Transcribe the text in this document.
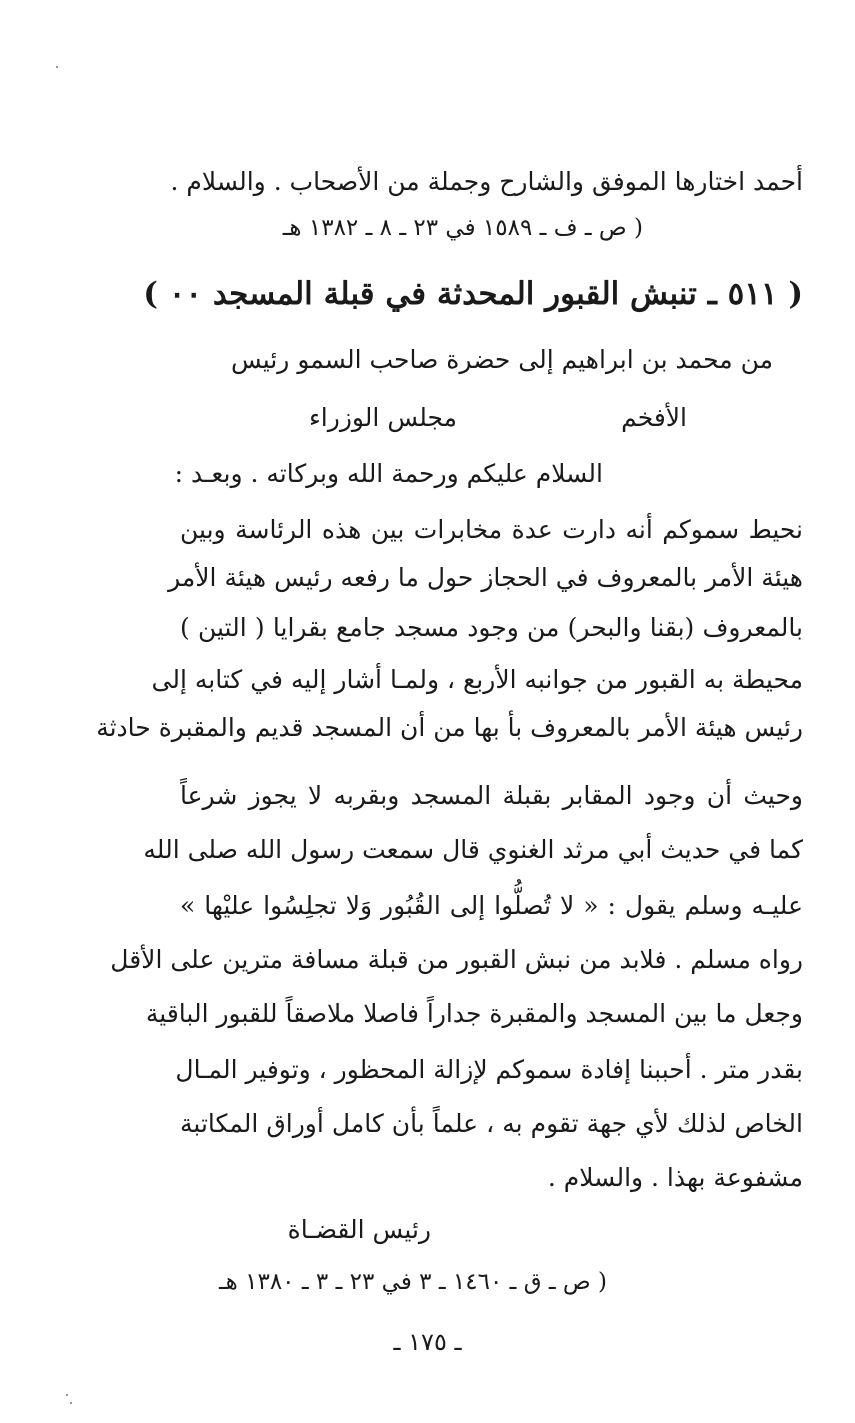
أحمد اختارها الموفق والشارح وجملة من الأصحاب . والسلام .
( ص ـ ف ـ ١٥٨٩ في ٢٣ ـ ٨ ـ ١٣٨٢ هـ
( ٥١١ ـ تنبش القبور المحدثة في قبلة المسجد ٠٠ )
من محمد بن ابراهيم إلى حضرة صاحب السمو رئيس
مجلس الوزراء	الأفخم
السلام عليكم ورحمة الله وبركاته . وبعـد :
نحيط سموكم أنه دارت عدة مخابرات بين هذه الرئاسة وبين
هيئة الأمر بالمعروف في الحجاز حول ما رفعه رئيس هيئة الأمر
بالمعروف (بقنا والبحر) من وجود مسجد جامع بقرايا ( التين )
محيطة به القبور من جوانبه الأربع ، ولمـا أشار إليه في كتابه إلى
رئيس هيئة الأمر بالمعروف بأ بها من أن المسجد قديم والمقبرة حادثة
وحيث أن وجود المقابر بقبلة المسجد وبقربه لا يجوز شرعاً
كما في حديث أبي مرثد الغنوي قال سمعت رسول الله صلى الله
عليـه وسلم يقول : « لا تُصلُّوا إلى القُبُور وَلا تجلِسُوا عليْها »
رواه مسلم . فلابد من نبش القبور من قبلة مسافة مترين على الأقل
وجعل ما بين المسجد والمقبرة جداراً فاصلا ملاصقاً للقبور الباقية
بقدر متر . أحببنا إفادة سموكم لإزالة المحظور ، وتوفير المـال
الخاص لذلك لأي جهة تقوم به ، علماً بأن كامل أوراق المكاتبة
مشفوعة بهذا . والسلام .
رئيس القضـاة
( ص ـ ق ـ ١٤٦٠ ـ ٣ في ٢٣ ـ ٣ ـ ١٣٨٠ هـ
ـ ١٧٥ ـ
